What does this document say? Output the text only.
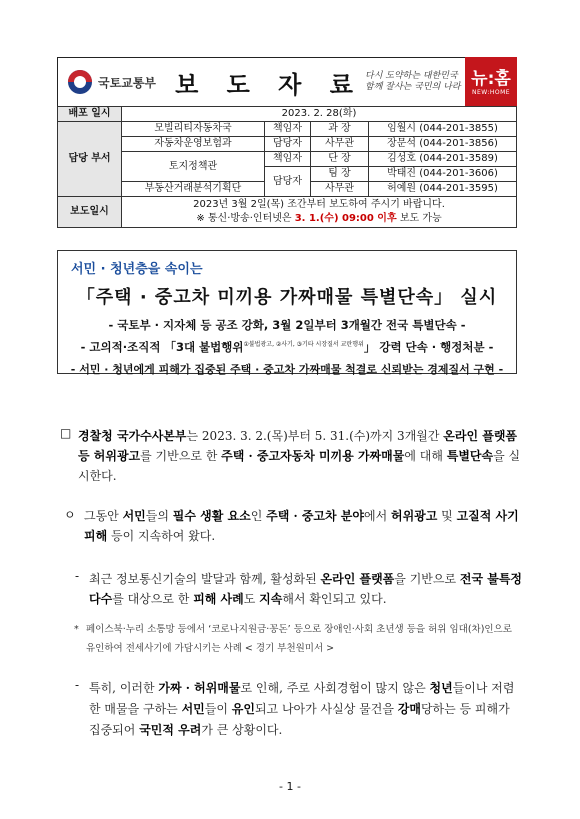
국토교통부 보 도 자 료 다시 도약하는 대한민국
함께 잘사는 국민의 나라 뉴:홈
NEW:HOME
배포 일시	2023. 2. 28(화)			
담당 부서	모빌리티자동차국	책임자	과 장	임월시 (044-201-3855)
	자동차운영보험과	담당자	사무관	장문석 (044-201-3856)
	토지정책관	책임자	단 장	김성호 (044-201-3589)
		담당자	팀 장	박태진 (044-201-3606)
	부동산거래분석기획단		사무관	허예원 (044-201-3595)

보도일시	2023년 3월 2일(목) 조간부터 보도하여 주시기 바랍니다.
※ 통신·방송·인터넷은 3. 1.(수) 09:00 이후 보도 가능			
서민 · 청년층을 속이는
「주택 · 중고차 미끼용 가짜매물 특별단속」 실시
- 국토부 · 지자체 등 공조 강화, 3월 2일부터 3개월간 전국 특별단속 -
- 고의적·조직적 「3대 불법행위$^{①불법광고, ②사기, ③기타 시장질서 교란행위}$」 강력 단속 · 행정처분 -
- 서민 · 청년에게 피해가 집중된 주택 · 중고차 가짜매물 척결로 신뢰받는 경제질서 구현 -
□ 경찰청 국가수사본부는 2023. 3. 2.(목)부터 5. 31.(수)까지 3개월간 온라인 플랫폼 등 허위광고를 기반으로 한 주택 · 중고자동차 미끼용 가짜매물에 대해 특별단속을 실시한다.
ㅇ 그동안 서민들의 필수 생활 요소인 주택 · 중고차 분야에서 허위광고 및 고질적 사기 피해 등이 지속하여 왔다.
- 최근 정보통신기술의 발달과 함께, 활성화된 온라인 플랫폼을 기반으로 전국 불특정 다수를 대상으로 한 피해 사례도 지속해서 확인되고 있다.
* 페이스북·누리 소통망 등에서 ‘코로나지원금·꽁돈’ 등으로 장애인·사회 초년생 등을 허위 임대(차)인으로 유인하여 전세사기에 가담시키는 사례 < 경기 부천원미서 >
- 특히, 이러한 가짜 · 허위매물로 인해, 주로 사회경험이 많지 않은 청년들이나 저렴한 매물을 구하는 서민들이 유인되고 나아가 사실상 물건을 강매당하는 등 피해가 집중되어 국민적 우려가 큰 상황이다.
- 1 -
